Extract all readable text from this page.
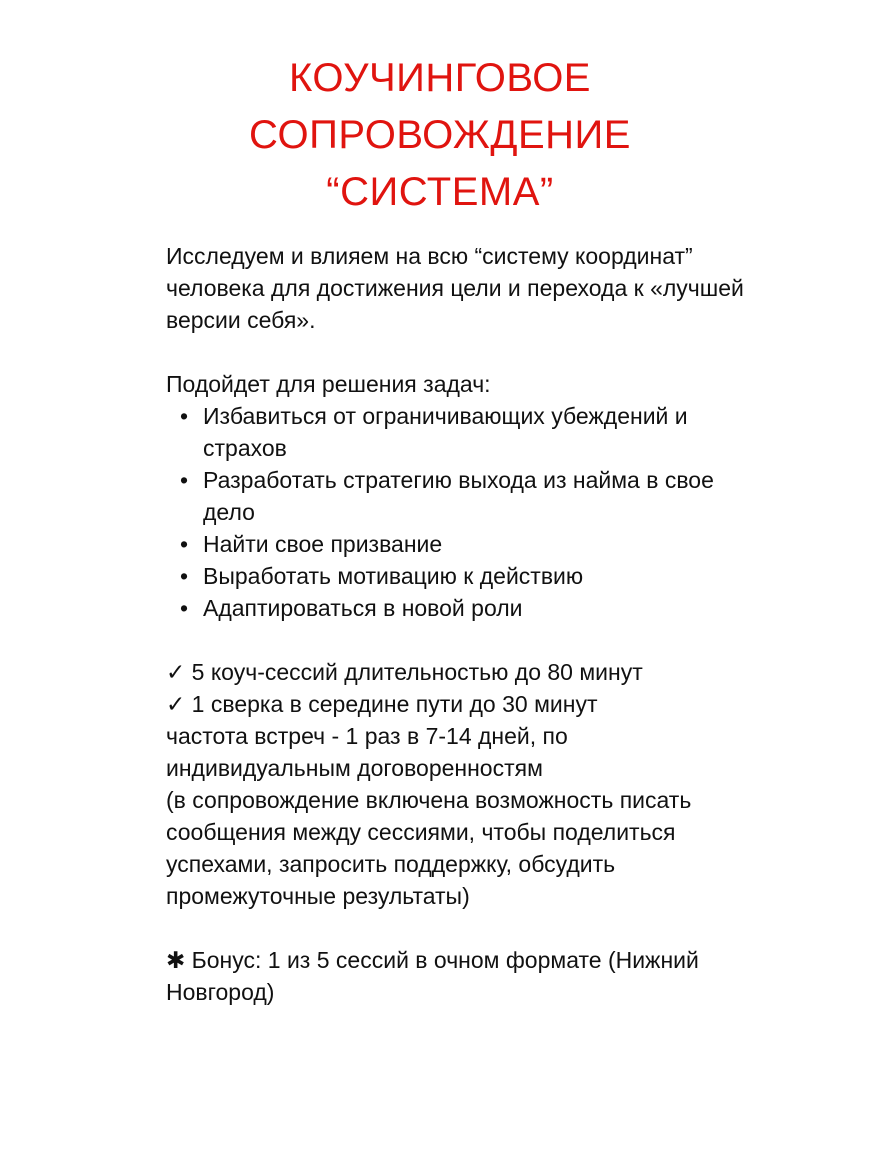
КОУЧИНГОВОЕ
СОПРОВОЖДЕНИЕ
“СИСТЕМА”

Исследуем и влияем на всю “систему координат” человека для достижения цели и перехода к «лучшей версии себя».

Подойдет для решения задач:

• Избавиться от ограничивающих убеждений и страхов
• Разработать стратегию выхода из найма в свое дело
• Найти свое призвание
• Выработать мотивацию к действию
• Адаптироваться в новой роли

✓ 5 коуч-сессий длительностью до 80 минут

✓ 1 сверка в середине пути до 30 минут

частота встреч - 1 раз в 7-14 дней, по индивидуальным договоренностям

(в сопровождение включена возможность писать сообщения между сессиями, чтобы поделиться успехами, запросить поддержку, обсудить промежуточные результаты)

✱ Бонус: 1 из 5 сессий в очном формате (Нижний Новгород)
